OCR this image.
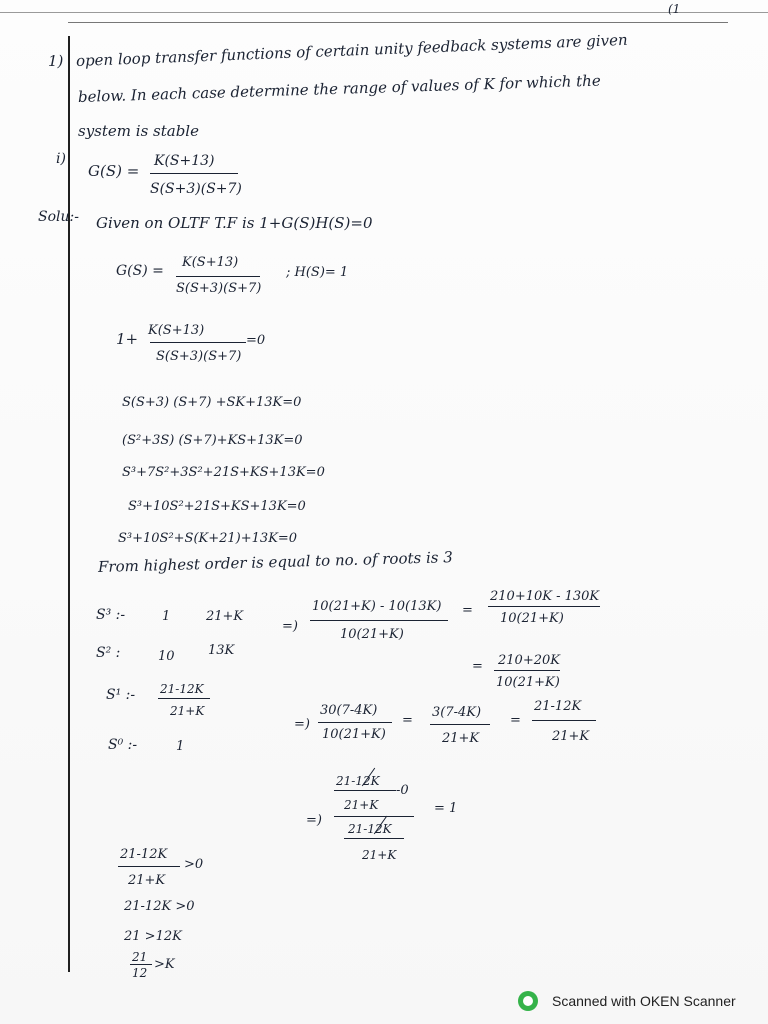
(1

1) open loop transfer functions of certain unity feedback systems are given

below. In each case determine the range of values of K for which the

system is stable

i)

G(S) =

K(S+13)

S(S+3)(S+7)

Solu:- Given on OLTF T.F is 1+G(S)H(S)=0

G(S) =

K(S+13)

S(S+3)(S+7)

; H(S)= 1

1+ K(S+13)

S(S+3)(S+7)

=0

S(S+3) (S+7) +SK+13K=0

(S²+3S) (S+7)+KS+13K=0

S³+7S²+3S²+21S+KS+13K=0

S³+10S²+21S+KS+13K=0

S³+10S²+S(K+21)+13K=0

From highest order is equal to no. of roots is 3

S³ :-	1	21+K

S² :	10	13K

S¹ :- 21-12K

21+K

S⁰ :-	1

=)

10(21+K) - 10(13K)

10(21+K)

=

210+10K - 130K

10(21+K)

= 210+20K

10(21+K)

=)

30(7-4K)

10(21+K)

=

3(7-4K)

21+K

=

21-12K

21+K

21-12K

-0

21+K

=)

21-12K

21+K

= 1

21-12K

21+K

>0

21-12K >0

21 >12K

21

12

>K

Scanned with OKEN Scanner
